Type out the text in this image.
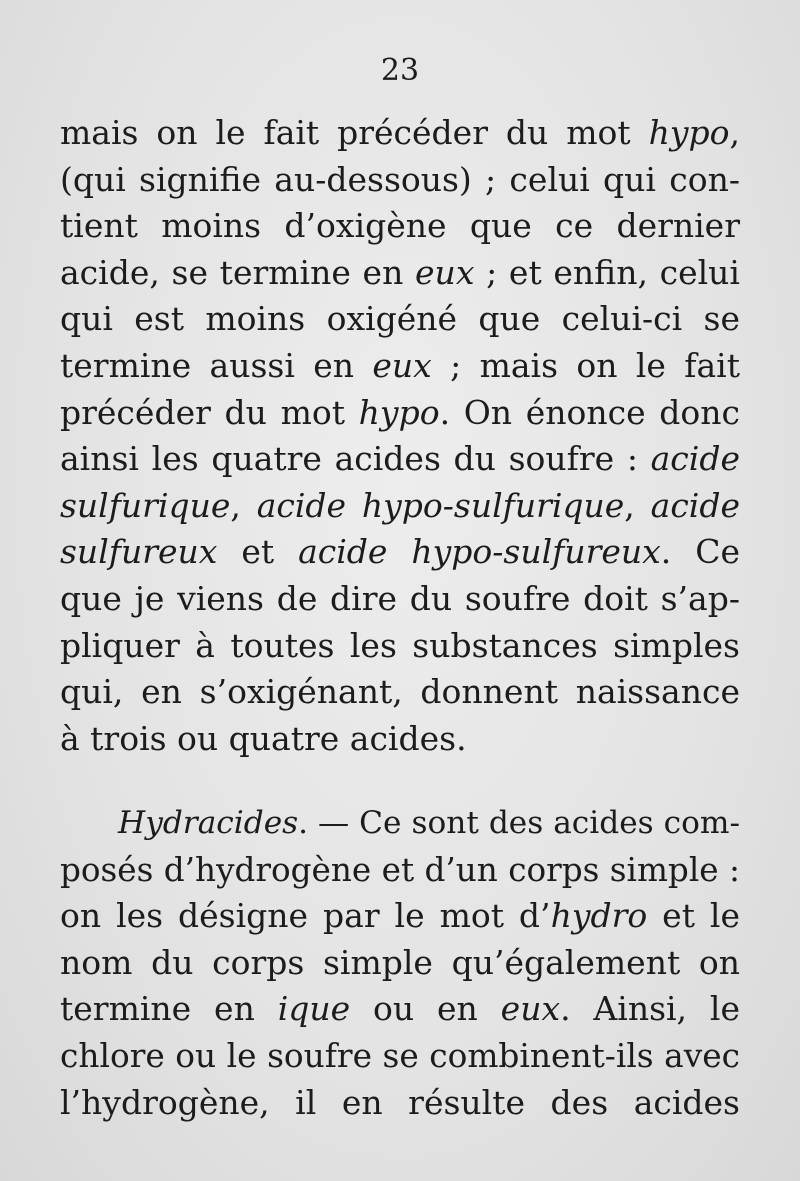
23
mais on le fait précéder du mot hypo,
(qui signifie au-dessous) ; celui qui con-
tient moins d’oxigène que ce dernier
acide, se termine en eux ; et enfin, celui
qui est moins oxigéné que celui-ci se
termine aussi en eux ; mais on le fait
précéder du mot hypo. On énonce donc
ainsi les quatre acides du soufre : acide
sulfurique, acide hypo-sulfurique, acide
sulfureux et acide hypo-sulfureux. Ce
que je viens de dire du soufre doit s’ap-
pliquer à toutes les substances simples
qui, en s’oxigénant, donnent naissance
à trois ou quatre acides.
Hydracides. — Ce sont des acides com-
posés d’hydrogène et d’un corps simple :
on les désigne par le mot d’hydro et le
nom du corps simple qu’également on
termine en ique ou en eux. Ainsi, le
chlore ou le soufre se combinent-ils avec
l’hydrogène, il en résulte des acides
